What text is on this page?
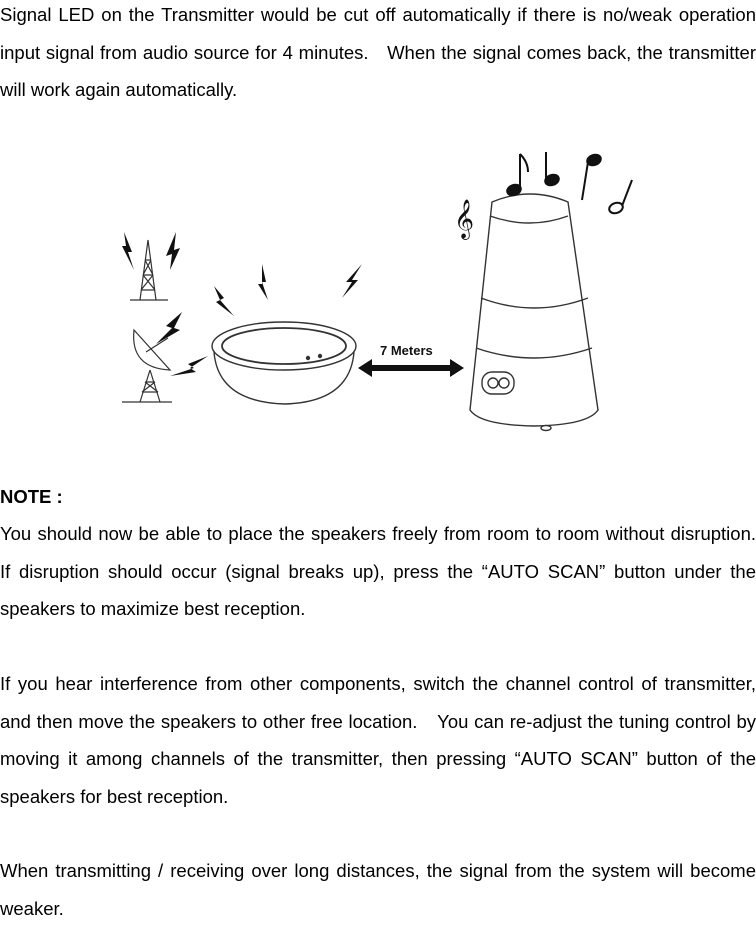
Signal LED on the Transmitter would be cut off automatically if there is no/weak operation input signal from audio source for 4 minutes. When the signal comes back, the transmitter will work again automatically.

7 Meters
𝄞

NOTE :

You should now be able to place the speakers freely from room to room without disruption.　If disruption should occur (signal breaks up), press the “AUTO SCAN” button under the speakers to maximize best reception.

If you hear interference from other components, switch the channel control of transmitter, and then move the speakers to other free location.　You can re-adjust the tuning control by moving it among channels of the transmitter, then pressing “AUTO SCAN” button of the speakers for best reception.

When transmitting / receiving over long distances, the signal from the system will become weaker.
